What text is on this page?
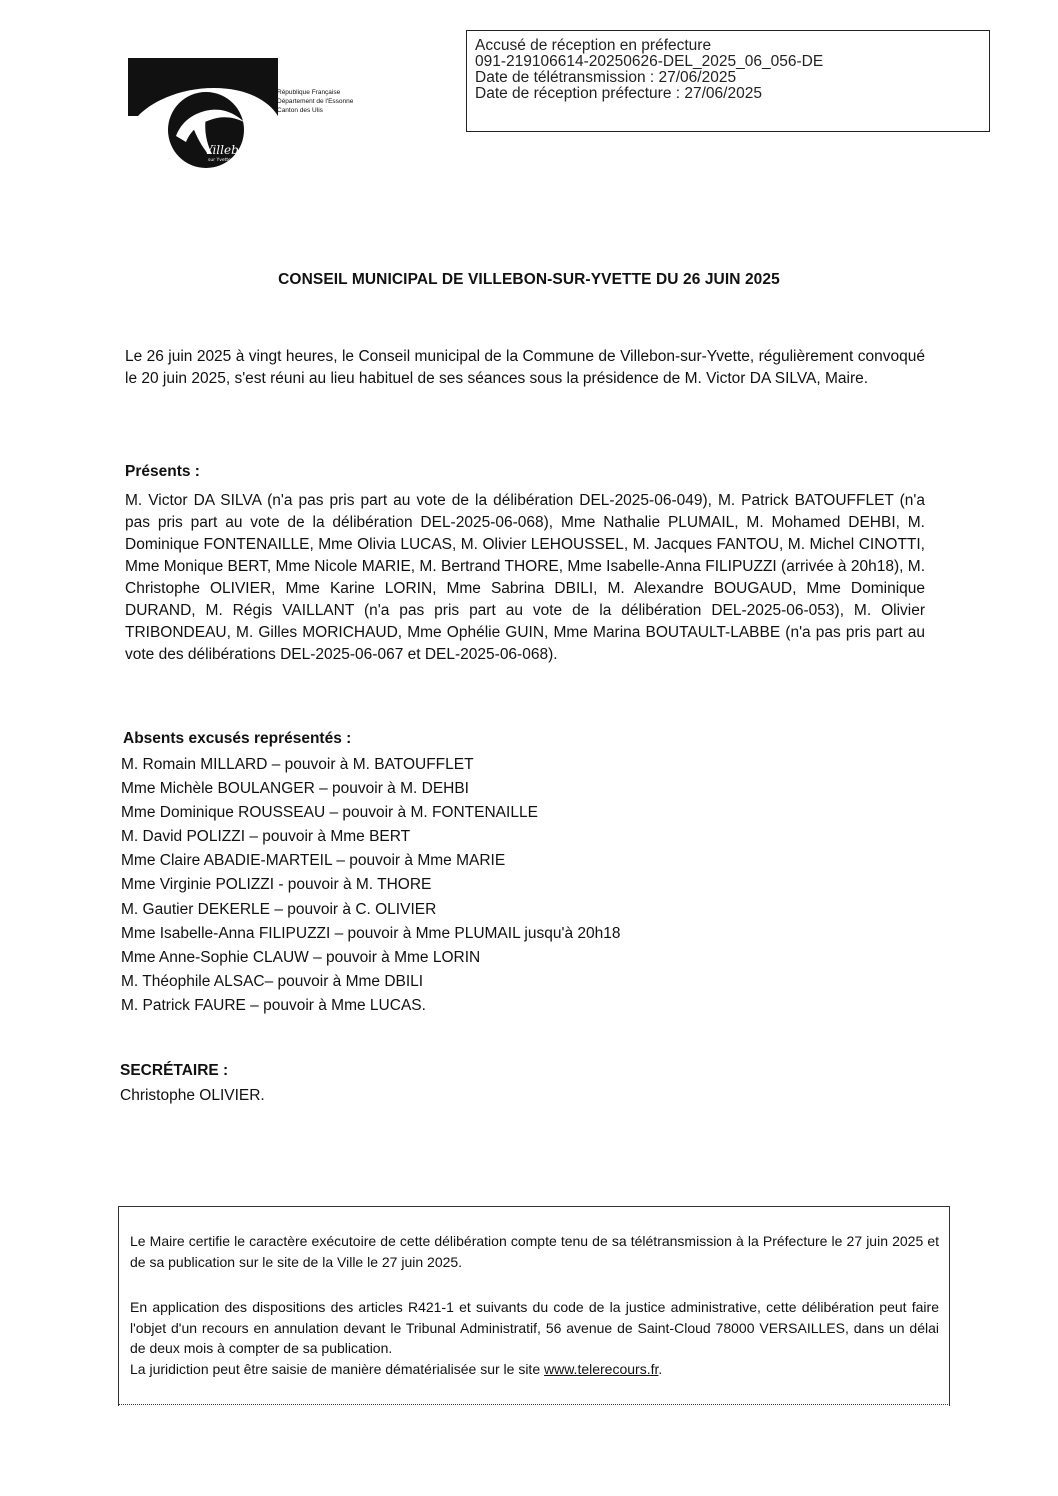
Accusé de réception en préfecture
091-219106614-20250626-DEL_2025_06_056-DE
Date de télétransmission : 27/06/2025
Date de réception préfecture : 27/06/2025
Villebon
sur Yvette
République Française
Département de l'Essonne
Canton des Ulis
CONSEIL MUNICIPAL DE VILLEBON-SUR-YVETTE DU 26 JUIN 2025
Le 26 juin 2025 à vingt heures, le Conseil municipal de la Commune de Villebon-sur-Yvette, régulièrement convoqué le 20 juin 2025, s'est réuni au lieu habituel de ses séances sous la présidence de M. Victor DA SILVA, Maire.
Présents :
M. Victor DA SILVA (n'a pas pris part au vote de la délibération DEL-2025-06-049), M. Patrick BATOUFFLET (n'a pas pris part au vote de la délibération DEL-2025-06-068), Mme Nathalie PLUMAIL, M. Mohamed DEHBI, M. Dominique FONTENAILLE, Mme Olivia LUCAS, M. Olivier LEHOUSSEL, M. Jacques FANTOU, M. Michel CINOTTI, Mme Monique BERT, Mme Nicole MARIE, M. Bertrand THORE, Mme Isabelle-Anna FILIPUZZI (arrivée à 20h18), M. Christophe OLIVIER, Mme Karine LORIN, Mme Sabrina DBILI, M. Alexandre BOUGAUD, Mme Dominique DURAND, M. Régis VAILLANT (n'a pas pris part au vote de la délibération DEL-2025-06-053), M. Olivier TRIBONDEAU, M. Gilles MORICHAUD, Mme Ophélie GUIN, Mme Marina BOUTAULT-LABBE (n'a pas pris part au vote des délibérations DEL-2025-06-067 et DEL-2025-06-068).
Absents excusés représentés :
M. Romain MILLARD – pouvoir à M. BATOUFFLET
Mme Michèle BOULANGER – pouvoir à M. DEHBI
Mme Dominique ROUSSEAU – pouvoir à M. FONTENAILLE
M. David POLIZZI – pouvoir à Mme BERT
Mme Claire ABADIE-MARTEIL – pouvoir à Mme MARIE
Mme Virginie POLIZZI - pouvoir à M. THORE
M. Gautier DEKERLE – pouvoir à C. OLIVIER
Mme Isabelle-Anna FILIPUZZI – pouvoir à Mme PLUMAIL jusqu'à 20h18
Mme Anne-Sophie CLAUW – pouvoir à Mme LORIN
M. Théophile ALSAC– pouvoir à Mme DBILI
M. Patrick FAURE – pouvoir à Mme LUCAS.
SECRÉTAIRE :
Christophe OLIVIER.
Le Maire certifie le caractère exécutoire de cette délibération compte tenu de sa télétransmission à la Préfecture le 27 juin 2025 et de sa publication sur le site de la Ville le 27 juin 2025.
En application des dispositions des articles R421-1 et suivants du code de la justice administrative, cette délibération peut faire l'objet d'un recours en annulation devant le Tribunal Administratif, 56 avenue de Saint-Cloud 78000 VERSAILLES, dans un délai de deux mois à compter de sa publication.
La juridiction peut être saisie de manière dématérialisée sur le site www.telerecours.fr.
